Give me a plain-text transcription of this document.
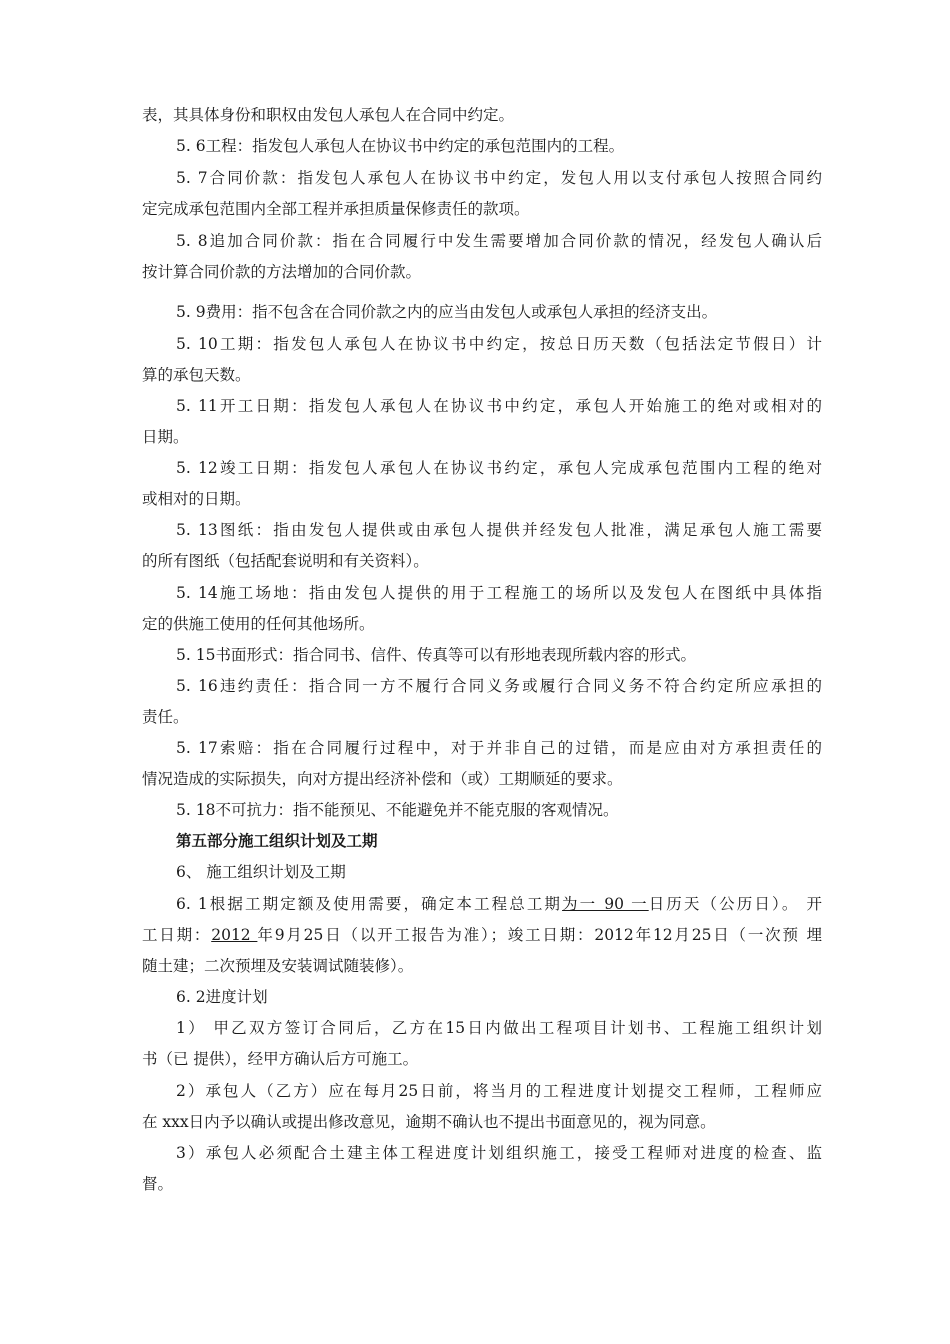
表，其具体身份和职权由发包人承包人在合同中约定。
5. 6工程：指发包人承包人在协议书中约定的承包范围内的工程。
5. 7合同价款：指发包人承包人在协议书中约定，发包人用以支付承包人按照合同约
定完成承包范围内全部工程并承担质量保修责任的款项。
5. 8追加合同价款：指在合同履行中发生需要增加合同价款的情况，经发包人确认后
按计算合同价款的方法增加的合同价款。
5. 9费用：指不包含在合同价款之内的应当由发包人或承包人承担的经济支出。
5. 10工期：指发包人承包人在协议书中约定，按总日历天数（包括法定节假日）计
算的承包天数。
5. 11开工日期：指发包人承包人在协议书中约定，承包人开始施工的绝对或相对的
日期。
5. 12竣工日期：指发包人承包人在协议书约定，承包人完成承包范围内工程的绝对
或相对的日期。
5. 13图纸：指由发包人提供或由承包人提供并经发包人批准，满足承包人施工需要
的所有图纸（包括配套说明和有关资料）。
5. 14施工场地：指由发包人提供的用于工程施工的场所以及发包人在图纸中具体指
定的供施工使用的任何其他场所。
5. 15书面形式：指合同书、信件、传真等可以有形地表现所载内容的形式。
5. 16违约责任：指合同一方不履行合同义务或履行合同义务不符合约定所应承担的
责任。
5. 17索赔：指在合同履行过程中，对于并非自己的过错，而是应由对方承担责任的
情况造成的实际损失，向对方提出经济补偿和（或）工期顺延的要求。
5. 18不可抗力：指不能预见、不能避免并不能克服的客观情况。
第五部分施工组织计划及工期
6、 施工组织计划及工期
6. 1根据工期定额及使用需要，确定本工程总工期为一 90 一日历天（公历日）。 开
工日期：2012 年9月25日（以开工报告为准）；竣工日期：2012年12月25日（一次预 埋
随土建；二次预埋及安装调试随装修）。
6. 2进度计划
1） 甲乙双方签订合同后，乙方在15日内做出工程项目计划书、工程施工组织计划
书（已 提供），经甲方确认后方可施工。
2）承包人（乙方）应在每月25日前，将当月的工程进度计划提交工程师，工程师应
在 xxx日内予以确认或提出修改意见，逾期不确认也不提出书面意见的，视为同意。
3）承包人必须配合土建主体工程进度计划组织施工，接受工程师对进度的检查、监
督。
